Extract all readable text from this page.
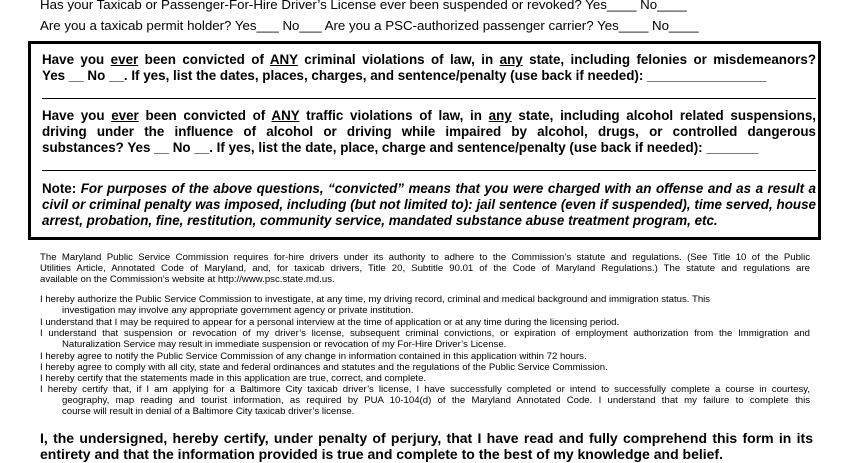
Has your Taxicab or Passenger-For-Hire Driver’s License ever been suspended or revoked? Yes____ No____
Are you a taxicab permit holder? Yes___ No___ Are you a PSC-authorized passenger carrier? Yes____ No____
Have you ever been convicted of ANY criminal violations of law, in any state, including felonies or misdemeanors?
Yes __ No __. If yes, list the dates, places, charges, and sentence/penalty (use back if needed): ________________
Have you ever been convicted of ANY traffic violations of law, in any state, including alcohol related suspensions,
driving under the influence of alcohol or driving while impaired by alcohol, drugs, or controlled dangerous
substances? Yes __ No __. If yes, list the date, place, charge and sentence/penalty (use back if needed): _______
Note: For purposes of the above questions, “convicted” means that you were charged with an offense and as a result a
civil or criminal penalty was imposed, including (but not limited to): jail sentence (even if suspended), time served, house
arrest, probation, fine, restitution, community service, mandated substance abuse treatment program, etc.
The Maryland Public Service Commission requires for-hire drivers under its authority to adhere to the Commission’s statute and regulations. (See Title 10 of the Public
Utilities Article, Annotated Code of Maryland, and, for taxicab drivers, Title 20, Subtitle 90.01 of the Code of Maryland Regulations.) The statute and regulations are
available on the Commission’s website at http://www.psc.state.md.us.
I hereby authorize the Public Service Commission to investigate, at any time, my driving record, criminal and medical background and immigration status. This
investigation may involve any appropriate government agency or private institution.
I understand that I may be required to appear for a personal interview at the time of application or at any time during the licensing period.
I understand that suspension or revocation of my driver’s license, subsequent criminal convictions, or expiration of employment authorization from the Immigration and
Naturalization Service may result in immediate suspension or revocation of my For-Hire Driver’s License.
I hereby agree to notify the Public Service Commission of any change in information contained in this application within 72 hours.
I hereby agree to comply with all city, state and federal ordinances and statutes and the regulations of the Public Service Commission.
I hereby certify that the statements made in this application are true, correct, and complete.
I hereby certify that, if I am applying for a Baltimore City taxicab driver’s license, I have successfully completed or intend to successfully complete a course in courtesy,
geography, map reading and tourist information, as required by PUA 10-104(d) of the Maryland Annotated Code. I understand that my failure to complete this
course will result in denial of a Baltimore City taxicab driver’s license.
I, the undersigned, hereby certify, under penalty of perjury, that I have read and fully comprehend this form in its
entirety and that the information provided is true and complete to the best of my knowledge and belief.
